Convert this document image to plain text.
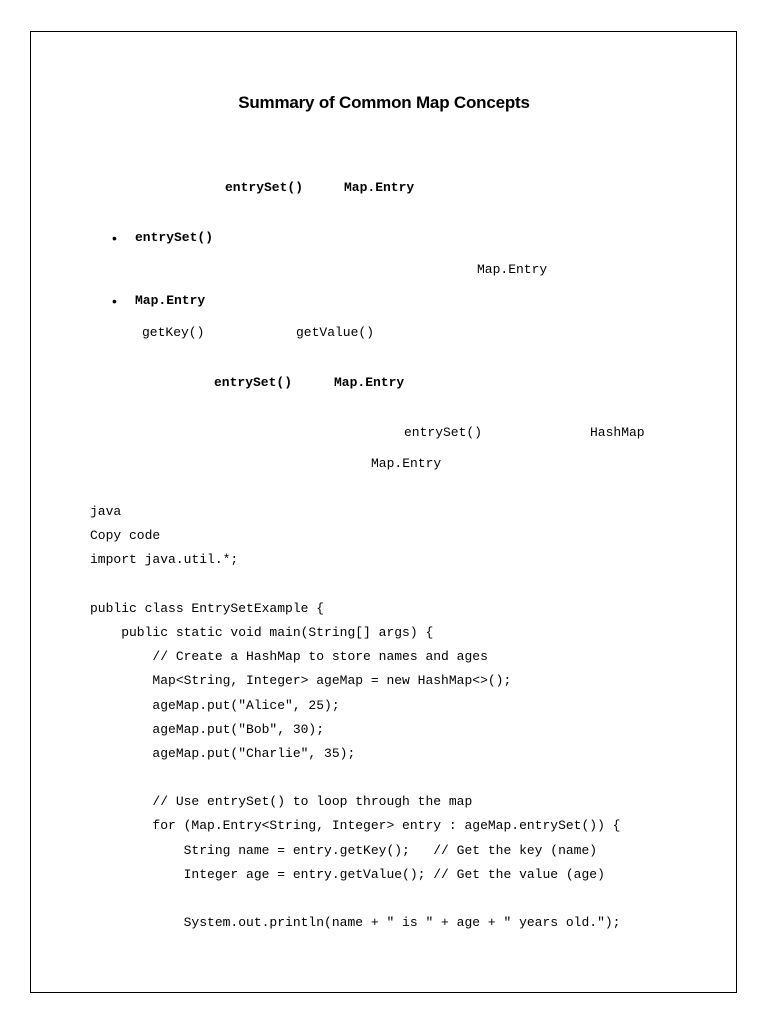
Summary of Common Map Concepts
entrySet()	Map.Entry
• entrySet()
Map.Entry
• Map.Entry
getKey()	getValue()
entrySet()	Map.Entry
entrySet()	HashMap
Map.Entry
java
Copy code
import java.util.*;
public class EntrySetExample {
public static void main(String[] args) {
// Create a HashMap to store names and ages
Map<String, Integer> ageMap = new HashMap<>();
ageMap.put("Alice", 25);
ageMap.put("Bob", 30);
ageMap.put("Charlie", 35);
// Use entrySet() to loop through the map
for (Map.Entry<String, Integer> entry : ageMap.entrySet()) {
String name = entry.getKey();   // Get the key (name)
Integer age = entry.getValue(); // Get the value (age)
System.out.println(name + " is " + age + " years old.");
